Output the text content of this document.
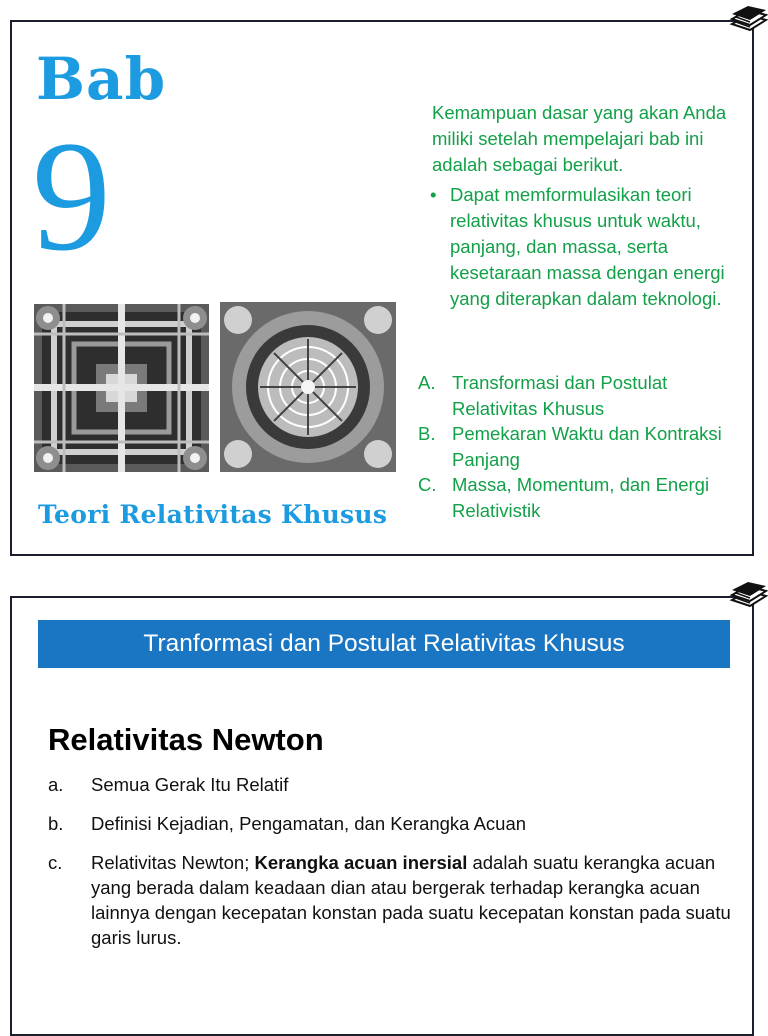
Bab
9
Teori Relativitas Khusus
Kemampuan dasar yang akan Anda miliki setelah mempelajari bab ini adalah sebagai berikut.
• Dapat memformulasikan teori relativitas khusus untuk waktu, panjang, dan massa, serta kesetaraan massa dengan energi yang diterapkan dalam teknologi.
A. Transformasi dan Postulat Relativitas Khusus
B. Pemekaran Waktu dan Kontraksi Panjang
C. Massa, Momentum, dan Energi Relativistik
Tranformasi dan Postulat Relativitas Khusus
Relativitas Newton
a.	Semua Gerak Itu Relatif
b.	Definisi Kejadian, Pengamatan, dan Kerangka Acuan
c.	Relativitas Newton; Kerangka acuan inersial adalah suatu kerangka acuan yang berada dalam keadaan dian atau bergerak terhadap kerangka acuan lainnya dengan kecepatan konstan pada suatu kecepatan konstan pada suatu garis lurus.
